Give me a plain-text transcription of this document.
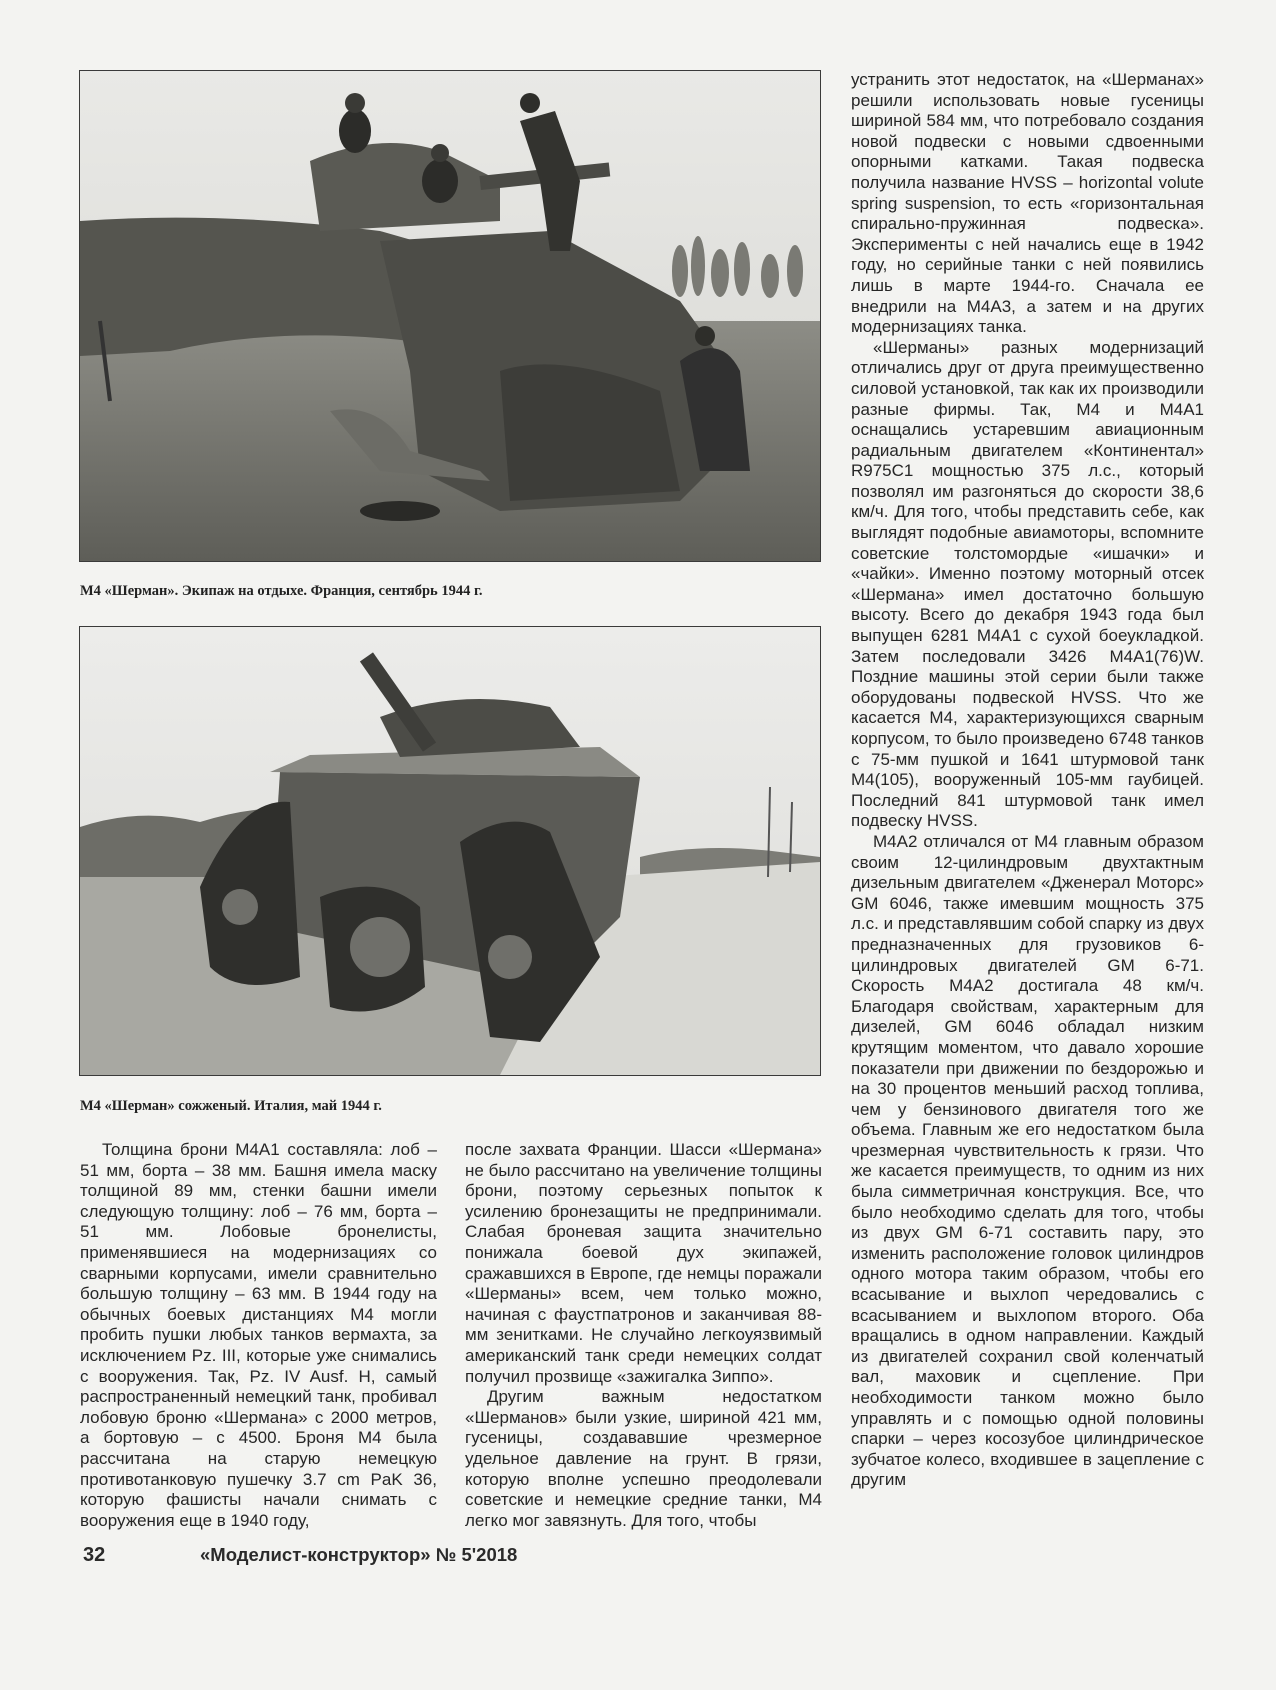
М4 «Шерман». Экипаж на отдыхе. Франция, сентябрь 1944 г.
М4 «Шерман» сожженый. Италия, май 1944 г.

устранить этот недостаток, на «Шерманах» решили использовать новые гусеницы шириной 584 мм, что потребовало создания новой подвески с новыми сдвоенными опорными катками. Такая подвеска получила название HVSS – horizontal volute spring suspension, то есть «горизонтальная спирально-пружинная подвеска». Эксперименты с ней начались еще в 1942 году, но серийные танки с ней появились лишь в марте 1944-го. Сначала ее внедрили на М4А3, а затем и на других модернизациях танка.

«Шерманы» разных модернизаций отличались друг от друга преимущественно силовой установкой, так как их производили разные фирмы. Так, М4 и М4А1 оснащались устаревшим авиационным радиальным двигателем «Континентал» R975C1 мощностью 375 л.с., который позволял им разгоняться до скорости 38,6 км/ч. Для того, чтобы представить себе, как выглядят подобные авиамоторы, вспомните советские толстомордые «ишачки» и «чайки». Именно поэтому моторный отсек «Шермана» имел достаточно большую высоту. Всего до декабря 1943 года был выпущен 6281 М4А1 с сухой боеукладкой. Затем последовали 3426 М4А1(76)W. Поздние машины этой серии были также оборудованы подвеской HVSS. Что же касается М4, характеризующихся сварным корпусом, то было произведено 6748 танков с 75-мм пушкой и 1641 штурмовой танк М4(105), вооруженный 105-мм гаубицей. Последний 841 штурмовой танк имел подвеску HVSS.

М4А2 отличался от М4 главным образом своим 12-цилиндровым двухтактным дизельным двигателем «Дженерал Моторс» GM 6046, также имевшим мощность 375 л.с. и представлявшим собой спарку из двух предназначенных для грузовиков 6-цилиндровых двигателей GM 6-71. Скорость М4А2 достигала 48 км/ч. Благодаря свойствам, характерным для дизелей, GM 6046 обладал низким крутящим моментом, что давало хорошие показатели при движении по бездорожью и на 30 процентов меньший расход топлива, чем у бензинового двигателя того же объема. Главным же его недостатком была чрезмерная чувствительность к грязи. Что же касается преимуществ, то одним из них была симметричная конструкция. Все, что было необходимо сделать для того, чтобы из двух GM 6-71 составить пару, это изменить расположение головок цилиндров одного мотора таким образом, чтобы его всасывание и выхлоп чередовались с всасыванием и выхлопом второго. Оба вращались в одном направлении. Каждый из двигателей сохранил свой коленчатый вал, маховик и сцепление. При необходимости танком можно было управлять и с помощью одной половины спарки – через косозубое цилиндрическое зубчатое колесо, входившее в зацепление с другим

Толщина брони М4А1 составляла: лоб – 51 мм, борта – 38 мм. Башня имела маску толщиной 89 мм, стенки башни имели следующую толщину: лоб – 76 мм, борта – 51 мм. Лобовые бронелисты, применявшиеся на модернизациях со сварными корпусами, имели сравнительно большую толщину – 63 мм. В 1944 году на обычных боевых дистанциях М4 могли пробить пушки любых танков вермахта, за исключением Pz. III, которые уже снимались с вооружения. Так, Pz. IV Ausf. H, самый распространенный немецкий танк, пробивал лобовую броню «Шермана» с 2000 метров, а бортовую – с 4500. Броня М4 была рассчитана на старую немецкую противотанковую пушечку 3.7 cm PaK 36, которую фашисты начали снимать с вооружения еще в 1940 году,

после захвата Франции. Шасси «Шермана» не было рассчитано на увеличение толщины брони, поэтому серьезных попыток к усилению бронезащиты не предпринимали. Слабая броневая защита значительно понижала боевой дух экипажей, сражавшихся в Европе, где немцы поражали «Шерманы» всем, чем только можно, начиная с фаустпатронов и заканчивая 88-мм зенитками. Не случайно легкоуязвимый американский танк среди немецких солдат получил прозвище «зажигалка Зиппо».

Другим важным недостатком «Шерманов» были узкие, шириной 421 мм, гусеницы, создававшие чрезмерное удельное давление на грунт. В грязи, которую вполне успешно преодолевали советские и немецкие средние танки, М4 легко мог завязнуть. Для того, чтобы

32	«Моделист-конструктор» № 5'2018
